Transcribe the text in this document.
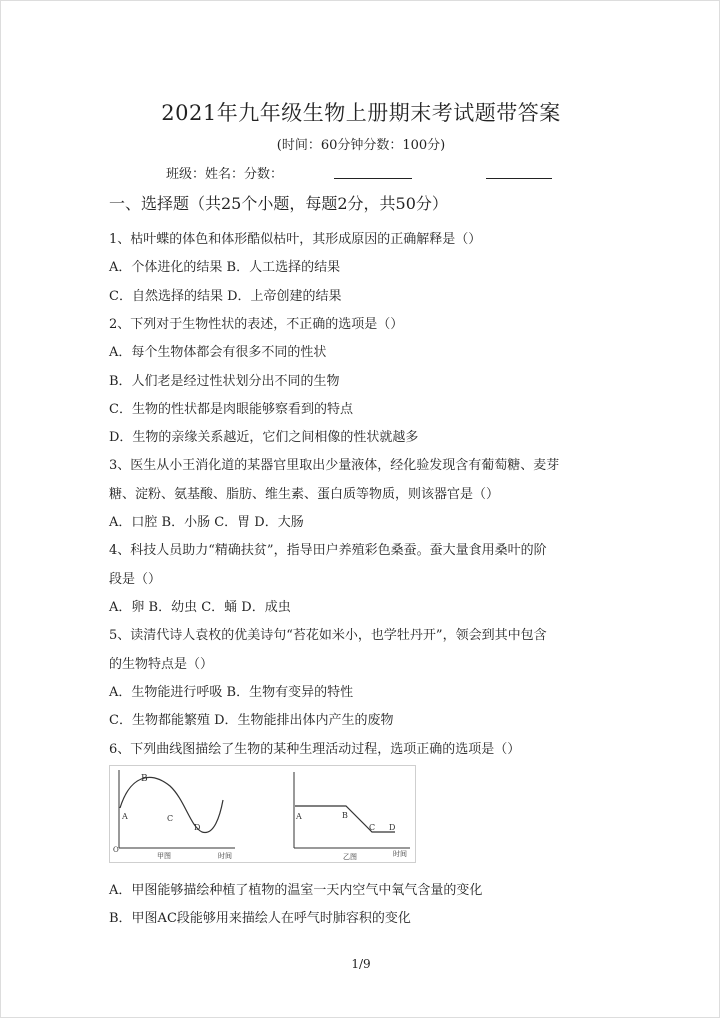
2021年九年级生物上册期末考试题带答案
(时间：60分钟分数：100分)
班级：姓名：分数：
一、选择题（共25个小题，每题2分，共50分）
1、枯叶蝶的体色和体形酷似枯叶，其形成原因的正确解释是（）
A．个体进化的结果 B．人工选择的结果
C．自然选择的结果 D．上帝创建的结果
2、下列对于生物性状的表述，不正确的选项是（）
A．每个生物体都会有很多不同的性状
B．人们老是经过性状划分出不同的生物
C．生物的性状都是肉眼能够察看到的特点
D．生物的亲缘关系越近，它们之间相像的性状就越多
3、医生从小王消化道的某器官里取出少量液体，经化验发现含有葡萄糖、麦芽
糖、淀粉、氨基酸、脂肪、维生素、蛋白质等物质，则该器官是（）
A．口腔 B．小肠 C．胃 D．大肠
4、科技人员助力“精确扶贫”，指导田户养殖彩色桑蚕。蚕大量食用桑叶的阶
段是（）
A．卵 B．幼虫 C．蛹 D．成虫
5、读清代诗人袁枚的优美诗句“苔花如米小，也学牡丹开”，领会到其中包含
的生物特点是（）
A．生物能进行呼吸 B．生物有变异的特性
C．生物都能繁殖 D．生物能排出体内产生的废物
6、下列曲线图描绘了生物的某种生理活动过程，选项正确的选项是（）
A
B
C
D
O
甲图	时间
A	B
C D
乙图	时间
A．甲图能够描绘种植了植物的温室一天内空气中氧气含量的变化
B．甲图AC段能够用来描绘人在呼气时肺容积的变化
1/9
